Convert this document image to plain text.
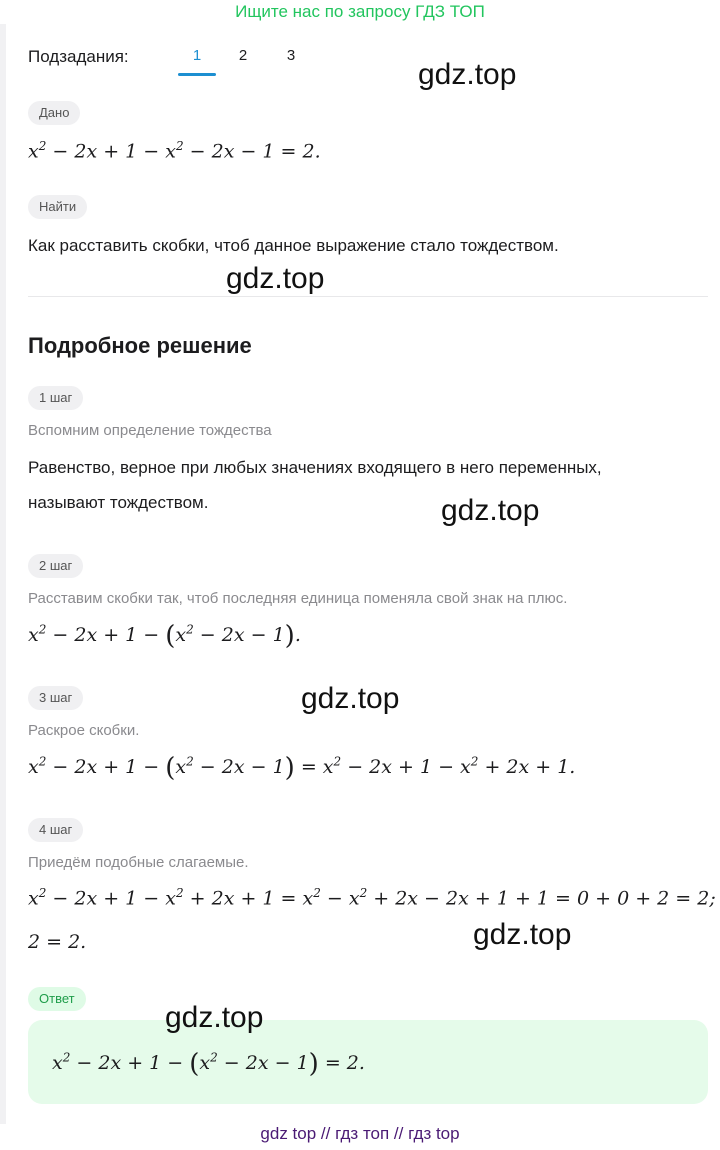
Ищите нас по запросу ГДЗ ТОП
Подзадания:	1	2	3
Дано
$x^2 - 2x + 1 - x^2 - 2x - 1 = 2$.
Найти
Как расставить скобки, чтоб данное выражение стало тождеством.
Подробное решение
1 шаг
Вспомним определение тождества
Равенство, верное при любых значениях входящего в него переменных,
называют тождеством.
2 шаг
Расставим скобки так, чтоб последняя единица поменяла свой знак на плюс.
$x^2 - 2x + 1 - (x^2 - 2x - 1)$.
3 шаг
Раскрое скобки.
$x^2 - 2x + 1 - (x^2 - 2x - 1) = x^2 - 2x + 1 - x^2 + 2x + 1$.
4 шаг
Приедём подобные слагаемые.
$x^2 - 2x + 1 - x^2 + 2x + 1 = x^2 - x^2 + 2x - 2x + 1 + 1 = 0 + 0 + 2 = 2$;
2 = 2.
Ответ
$x^2 - 2x + 1 - (x^2 - 2x - 1) = 2$.
gdz.top
gdz.top
gdz.top
gdz.top
gdz.top
gdz.top
gdz top // гдз топ // гдз top
